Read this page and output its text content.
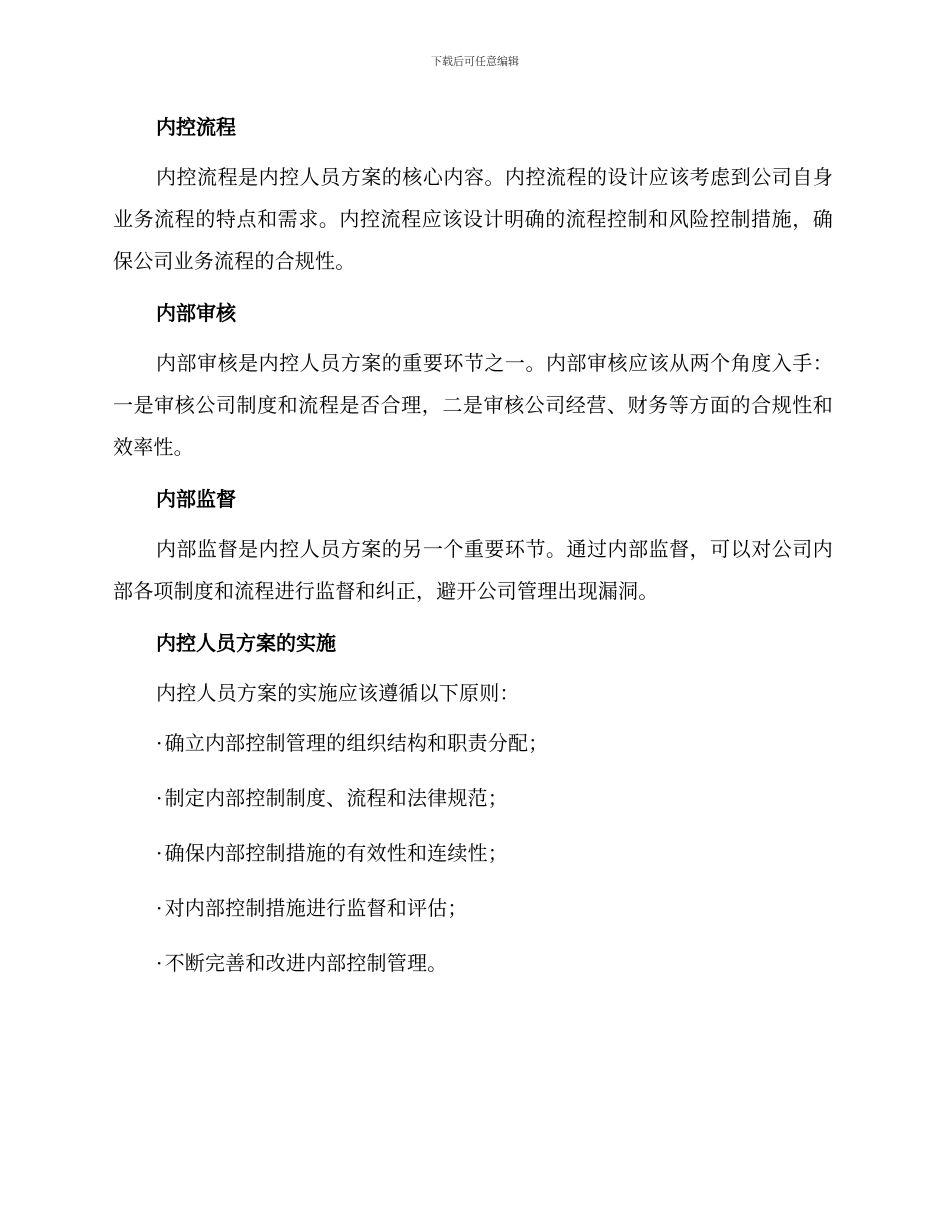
下载后可任意编辑
内控流程

内控流程是内控人员方案的核心内容。内控流程的设计应该考虑到公司自身业务流程的特点和需求。内控流程应该设计明确的流程控制和风险控制措施，确保公司业务流程的合规性。

内部审核

内部审核是内控人员方案的重要环节之一。内部审核应该从两个角度入手：一是审核公司制度和流程是否合理，二是审核公司经营、财务等方面的合规性和效率性。

内部监督

内部监督是内控人员方案的另一个重要环节。通过内部监督，可以对公司内部各项制度和流程进行监督和纠正，避开公司管理出现漏洞。

内控人员方案的实施

内控人员方案的实施应该遵循以下原则：

· 确立内部控制管理的组织结构和职责分配；
· 制定内部控制制度、流程和法律规范；
· 确保内部控制措施的有效性和连续性；
· 对内部控制措施进行监督和评估；
· 不断完善和改进内部控制管理。
